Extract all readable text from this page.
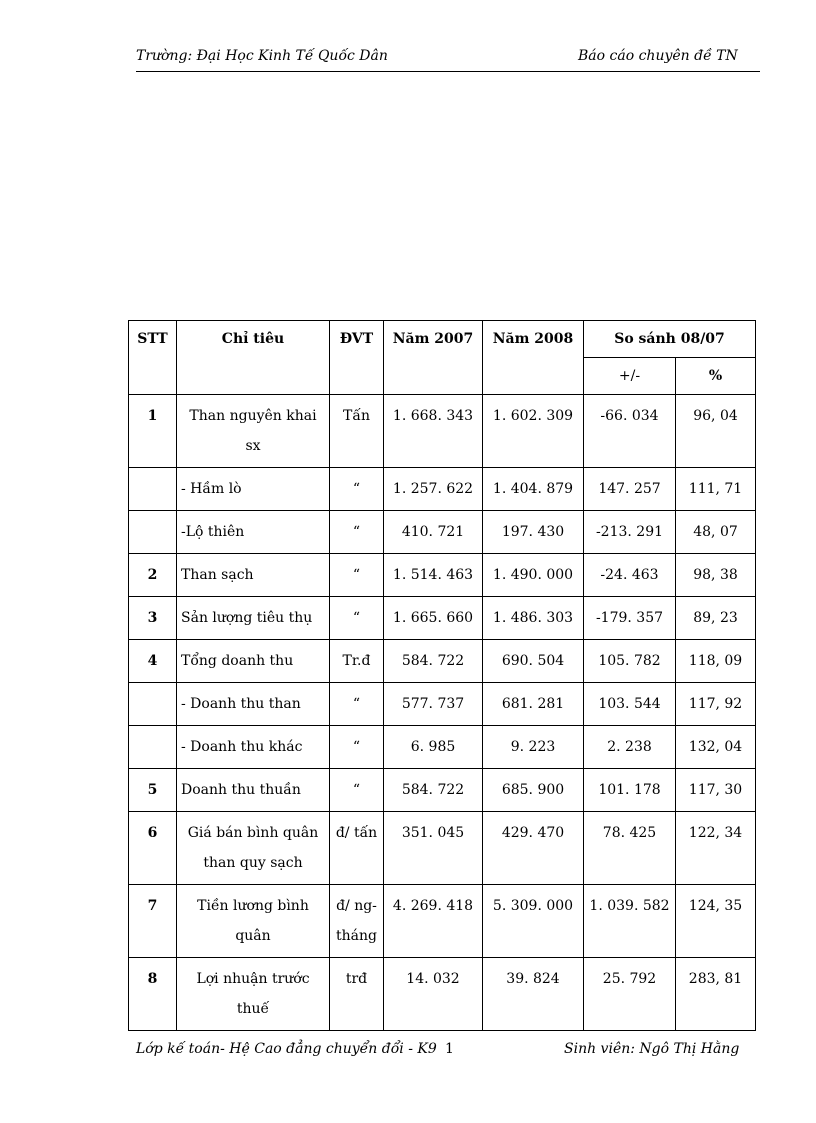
Trường: Đại Học Kinh Tế Quốc Dân	Báo cáo chuyên đề TN
STT	Chỉ tiêu	ĐVT	Năm 2007	Năm 2008	So sánh 08/07	
					+/-	%
1	Than nguyên khai sx	Tấn	1. 668. 343	1. 602. 309	-66. 034	96, 04
	- Hầm lò	“	1. 257. 622	1. 404. 879	147. 257	111, 71
	-Lộ thiên	“	410. 721	197. 430	-213. 291	48, 07
2	Than sạch	“	1. 514. 463	1. 490. 000	-24. 463	98, 38
3	Sản lượng tiêu thụ	“	1. 665. 660	1. 486. 303	-179. 357	89, 23
4	Tổng doanh thu	Tr.đ	584. 722	690. 504	105. 782	118, 09
	- Doanh thu than	“	577. 737	681. 281	103. 544	117, 92
	- Doanh thu khác	“	6. 985	9. 223	2. 238	132, 04
5	Doanh thu thuần	“	584. 722	685. 900	101. 178	117, 30
6	Giá bán bình quân than quy sạch	đ/ tấn	351. 045	429. 470	78. 425	122, 34
7	Tiền lương bình quân	đ/ ng-tháng	4. 269. 418	5. 309. 000	1. 039. 582	124, 35
8	Lợi nhuận trước thuế	trđ	14. 032	39. 824	25. 792	283, 81
Lớp kế toán- Hệ Cao đẳng chuyển đổi - K9 1	Sinh viên: Ngô Thị Hằng
